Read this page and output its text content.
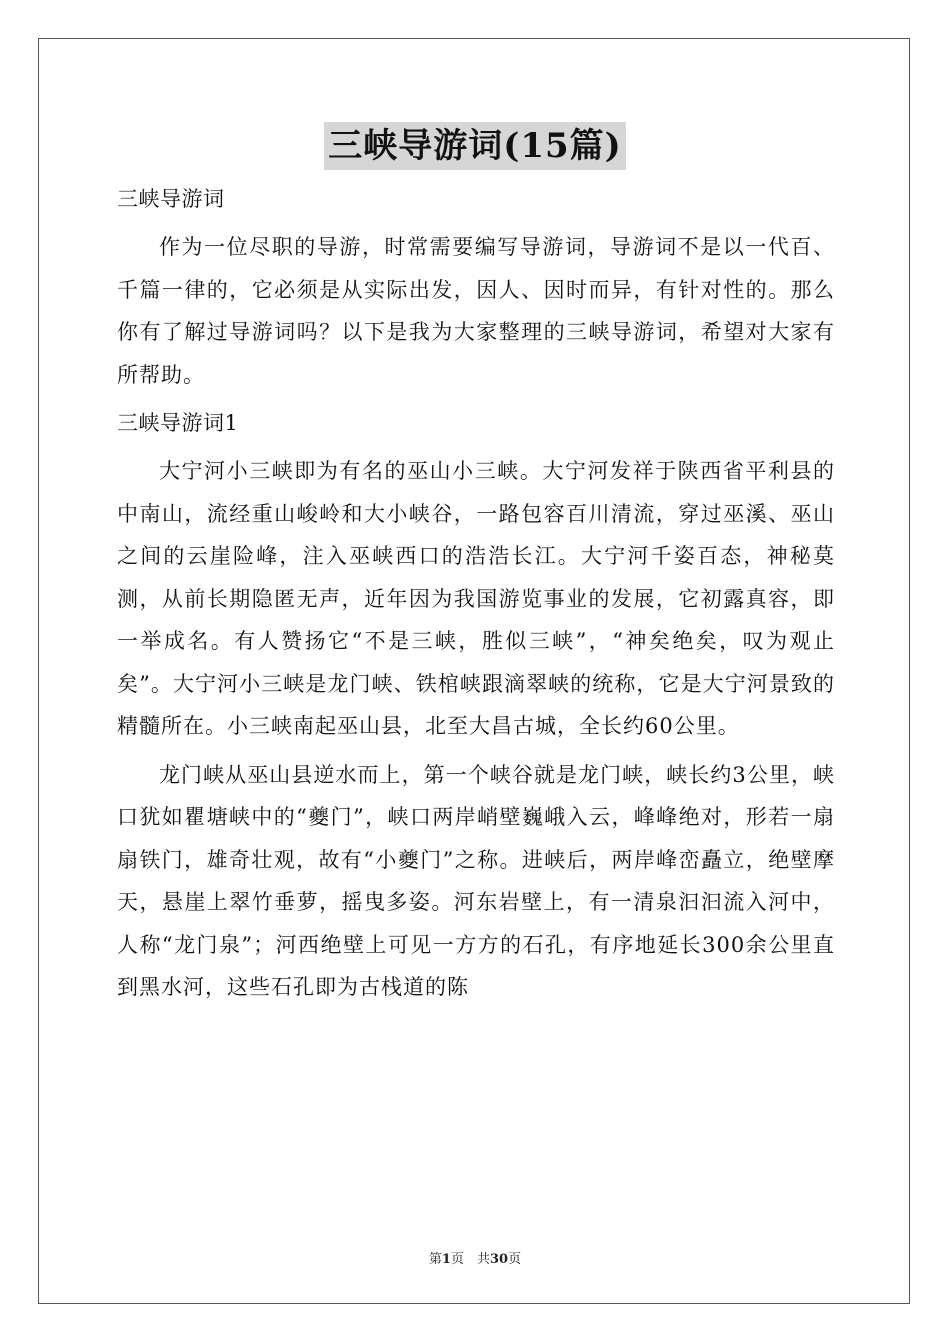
三峡导游词(15篇)

三峡导游词

作为一位尽职的导游，时常需要编写导游词，导游词不是以一代百、千篇一律的，它必须是从实际出发，因人、因时而异，有针对性的。那么你有了解过导游词吗？以下是我为大家整理的三峡导游词，希望对大家有所帮助。

三峡导游词1

大宁河小三峡即为有名的巫山小三峡。大宁河发祥于陕西省平利县的中南山，流经重山峻岭和大小峡谷，一路包容百川清流，穿过巫溪、巫山之间的云崖险峰，注入巫峡西口的浩浩长江。大宁河千姿百态，神秘莫测，从前长期隐匿无声，近年因为我国游览事业的发展，它初露真容，即一举成名。有人赞扬它“不是三峡，胜似三峡”，“神矣绝矣，叹为观止矣”。大宁河小三峡是龙门峡、铁棺峡跟滴翠峡的统称，它是大宁河景致的精髓所在。小三峡南起巫山县，北至大昌古城，全长约60公里。

龙门峡从巫山县逆水而上，第一个峡谷就是龙门峡，峡长约3公里，峡口犹如瞿塘峡中的“夔门”，峡口两岸峭壁巍峨入云，峰峰绝对，形若一扇扇铁门，雄奇壮观，故有“小夔门”之称。进峡后，两岸峰峦矗立，绝壁摩天，悬崖上翠竹垂萝，摇曳多姿。河东岩壁上，有一清泉汩汩流入河中，人称“龙门泉”；河西绝壁上可见一方方的石孔，有序地延长300余公里直到黑水河，这些石孔即为古栈道的陈

第1页　共30页
